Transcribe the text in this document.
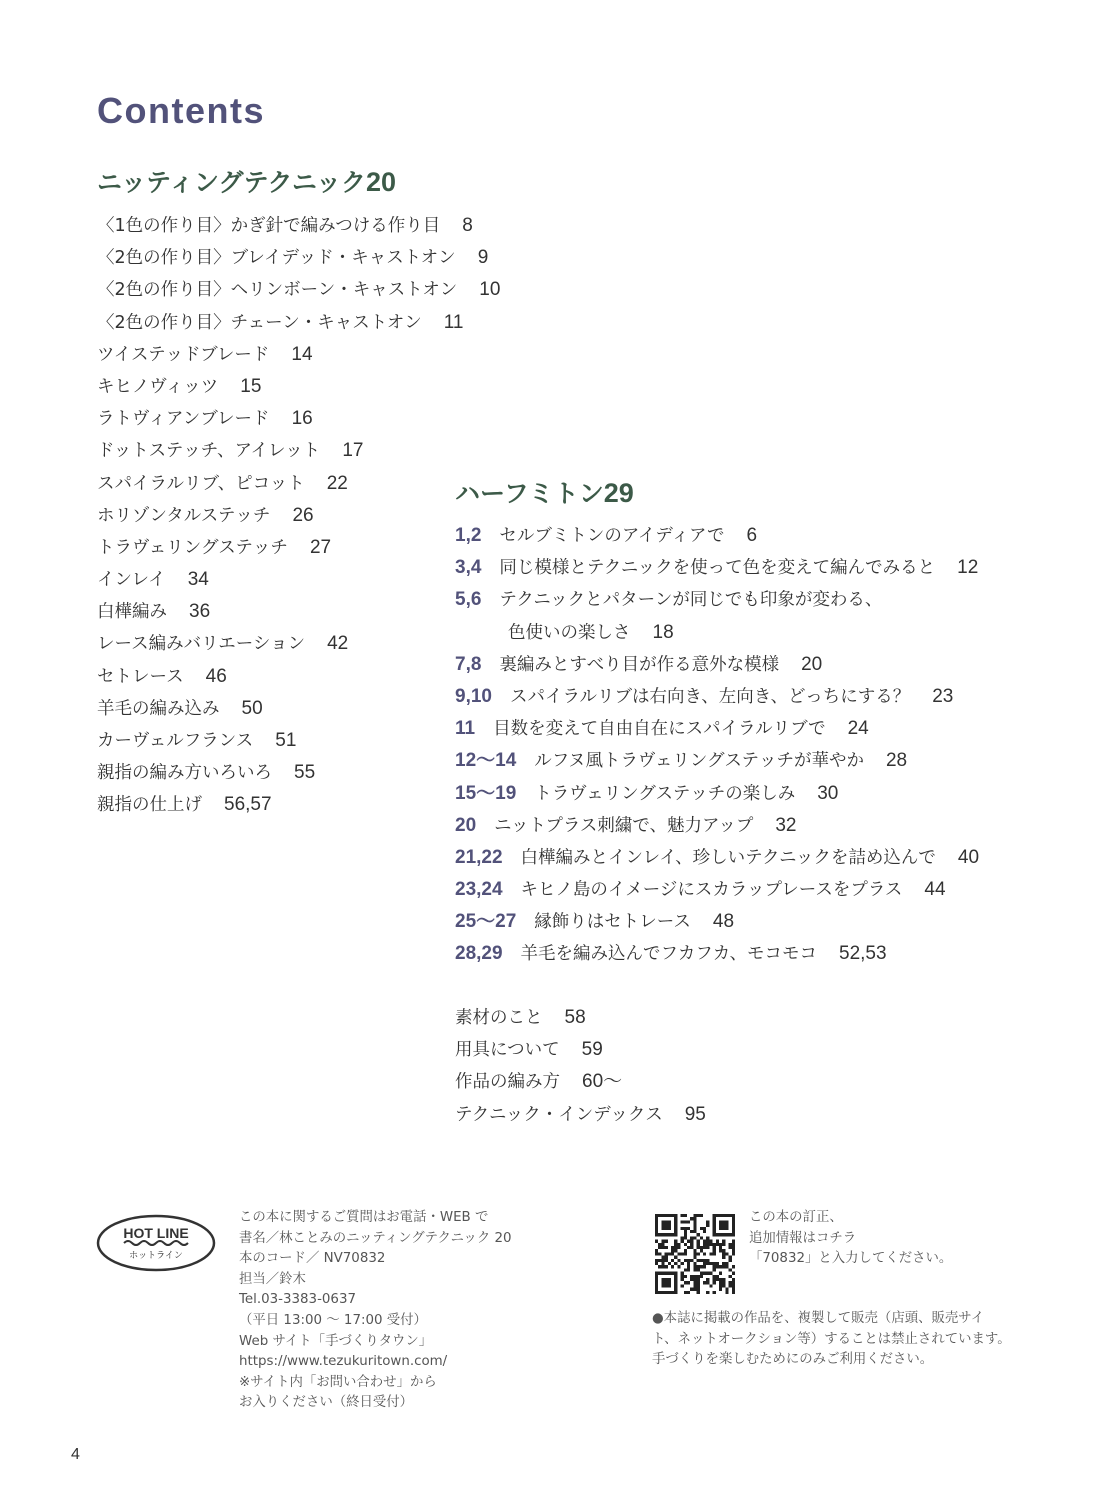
Contents
ニッティングテクニック20
〈1色の作り目〉かぎ針で編みつける作り目 8
〈2色の作り目〉ブレイデッド・キャストオン 9
〈2色の作り目〉ヘリンボーン・キャストオン 10
〈2色の作り目〉チェーン・キャストオン 11
ツイステッドブレード 14
キヒノヴィッツ 15
ラトヴィアンブレード 16
ドットステッチ、アイレット 17
スパイラルリブ、ピコット 22
ホリゾンタルステッチ 26
トラヴェリングステッチ 27
インレイ 34
白樺編み 36
レース編みバリエーション 42
セトレース 46
羊毛の編み込み 50
カーヴェルフランス 51
親指の編み方いろいろ 55
親指の仕上げ 56,57
ハーフミトン29
1,2 セルブミトンのアイディアで 6
3,4 同じ模様とテクニックを使って色を変えて編んでみると 12
5,6 テクニックとパターンが同じでも印象が変わる、
色使いの楽しさ 18
7,8 裏編みとすべり目が作る意外な模様 20
9,10 スパイラルリブは右向き、左向き、どっちにする？ 23
11 目数を変えて自由自在にスパイラルリブで 24
12〜14 ルフヌ風トラヴェリングステッチが華やか 28
15〜19 トラヴェリングステッチの楽しみ 30
20 ニットプラス刺繍で、魅力アップ 32
21,22 白樺編みとインレイ、珍しいテクニックを詰め込んで 40
23,24 キヒノ島のイメージにスカラップレースをプラス 44
25〜27 縁飾りはセトレース 48
28,29 羊毛を編み込んでフカフカ、モコモコ 52,53
素材のこと 58
用具について 59
作品の編み方 60〜
テクニック・インデックス 95
HOT LINE
ホットライン
この本に関するご質問はお電話・WEB で
書名／林ことみのニッティングテクニック 20
本のコード／ NV70832
担当／鈴木
Tel.03-3383-0637
（平日 13:00 〜 17:00 受付）
Web サイト「手づくりタウン」
https://www.tezukuritown.com/
※サイト内「お問い合わせ」から
お入りください（終日受付）
この本の訂正、
追加情報はコチラ
「70832」と入力してください。
●本誌に掲載の作品を、複製して販売（店頭、販売サイ
ト、ネットオークション等）することは禁止されています。
手づくりを楽しむためにのみご利用ください。
4
